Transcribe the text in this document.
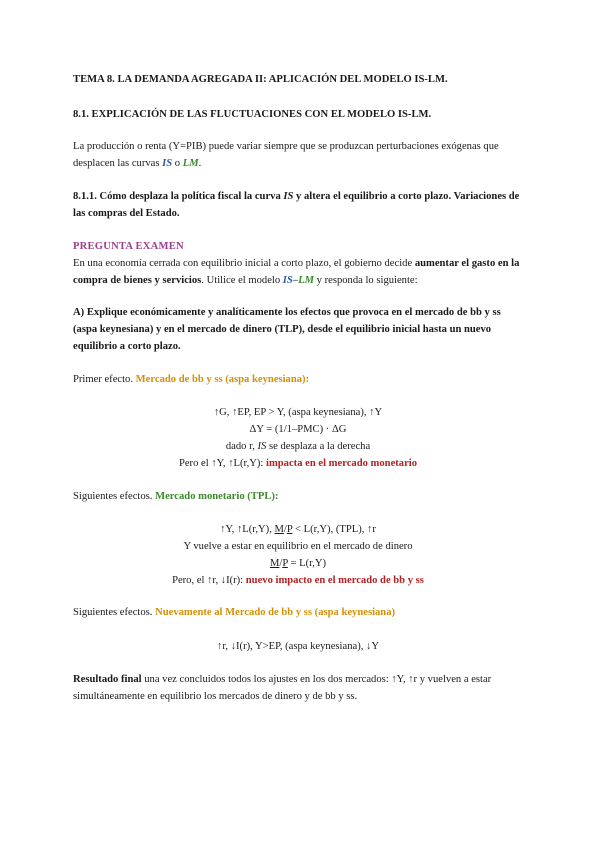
TEMA 8. LA DEMANDA AGREGADA II: APLICACIÓN DEL MODELO IS-LM.
8.1. EXPLICACIÓN DE LAS FLUCTUACIONES CON EL MODELO IS-LM.
La producción o renta (Y=PIB) puede variar siempre que se produzcan perturbaciones exógenas que
desplacen las curvas IS o LM.
8.1.1. Cómo desplaza la política fiscal la curva IS y altera el equilibrio a corto plazo. Variaciones de
las compras del Estado.
PREGUNTA EXAMEN
En una economía cerrada con equilibrio inicial a corto plazo, el gobierno decide aumentar el gasto en la
compra de bienes y servicios. Utilice el modelo IS–LM y responda lo siguiente:
A) Explique económicamente y analíticamente los efectos que provoca en el mercado de bb y ss
(aspa keynesiana) y en el mercado de dinero (TLP), desde el equilibrio inicial hasta un nuevo
equilibrio a corto plazo.
Primer efecto. Mercado de bb y ss (aspa keynesiana):
↑G, ↑EP, EP > Y, (aspa keynesiana), ↑Y
ΔY = (1/1–PMC) · ΔG
dado r, IS se desplaza a la derecha
Pero el ↑Y, ↑L(r,Y): impacta en el mercado monetario
Siguientes efectos. Mercado monetario (TPL):
↑Y, ↑L(r,Y), M/P < L(r,Y), (TPL), ↑r
Y vuelve a estar en equilibrio en el mercado de dinero
M/P = L(r,Y)
Pero, el ↑r, ↓I(r): nuevo impacto en el mercado de bb y ss
Siguientes efectos. Nuevamente al Mercado de bb y ss (aspa keynesiana)
↑r, ↓I(r), Y>EP, (aspa keynesiana), ↓Y
Resultado final una vez concluidos todos los ajustes en los dos mercados: ↑Y, ↑r y vuelven a estar
simultáneamente en equilibrio los mercados de dinero y de bb y ss.
